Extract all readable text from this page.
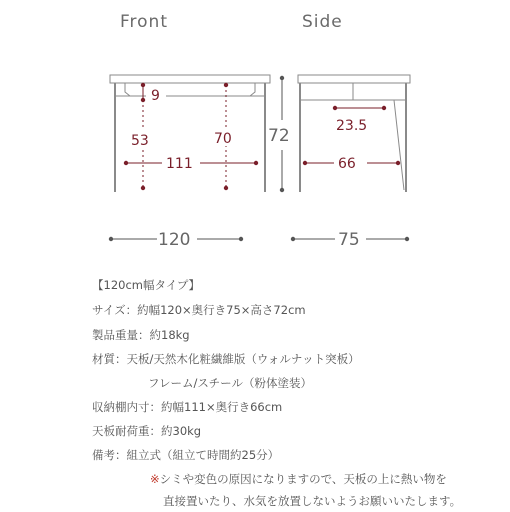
Front	Side
9
53	70
111
23.5
66
72
120	75
【120cm幅タイプ】
サイズ：約幅120×奥行き75×高さ72cm
製品重量：約18kg
材質：天板/天然木化粧繊維版（ウォルナット突板）
フレーム/スチール（粉体塗装）
収納棚内寸：約幅111×奥行き66cm
天板耐荷重：約30kg
備考：組立式（組立て時間約25分）
※シミや変色の原因になりますので、天板の上に熱い物を
直接置いたり、水気を放置しないようお願いいたします。
